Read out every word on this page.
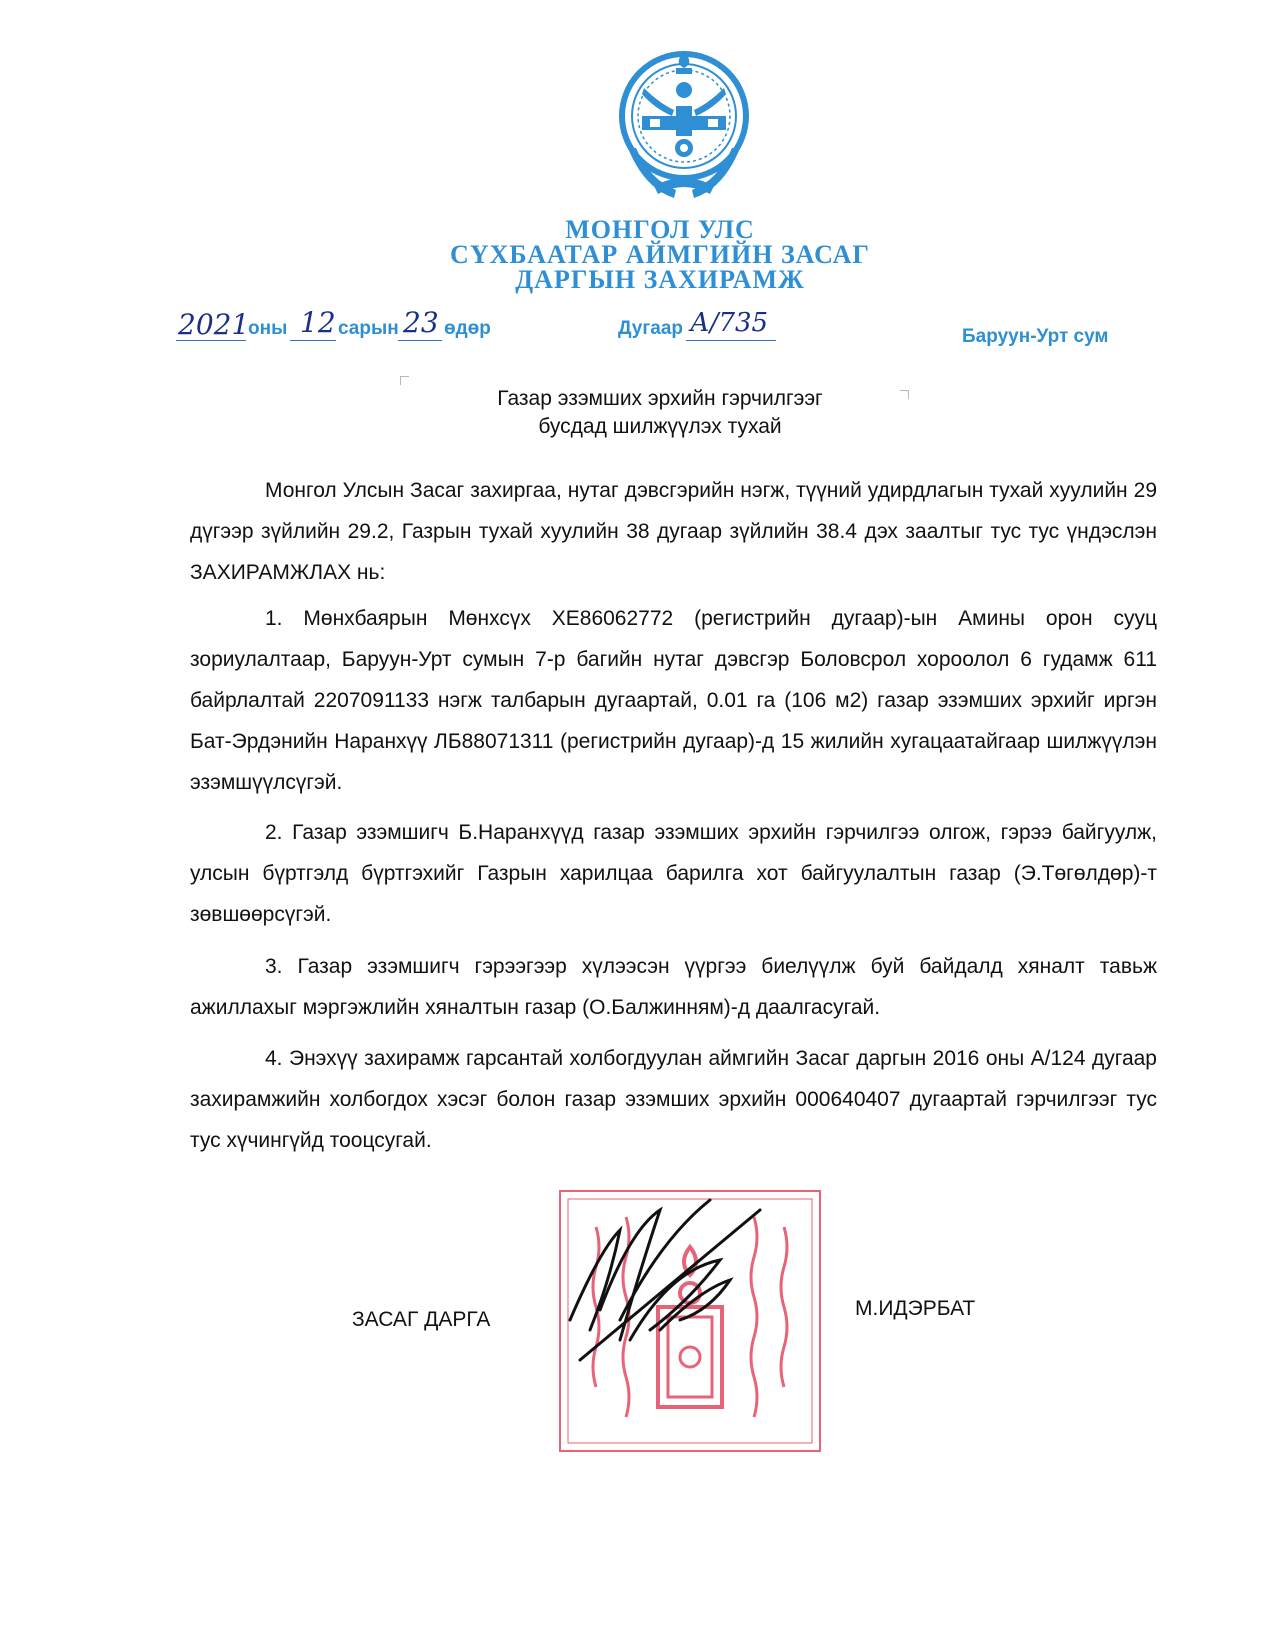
МОНГОЛ УЛС
СҮХБААТАР АЙМГИЙН ЗАСАГ
ДАРГЫН ЗАХИРАМЖ
2021
оны 12 сарын 23 өдөр	Дугаар А/735	Баруун-Урт сум
Газар эзэмших эрхийн гэрчилгээг
бусдад шилжүүлэх тухай

Монгол Улсын Засаг захиргаа, нутаг дэвсгэрийн нэгж, түүний удирдлагын тухай хуулийн 29 дүгээр зүйлийн 29.2, Газрын тухай хуулийн 38 дугаар зүйлийн 38.4 дэх заалтыг тус тус үндэслэн ЗАХИРАМЖЛАХ нь:

1. Мөнхбаярын Мөнхсүх ХЕ86062772 (регистрийн дугаар)-ын Амины орон сууц зориулалтаар, Баруун-Урт сумын 7-р багийн нутаг дэвсгэр Боловсрол хороолол 6 гудамж 611 байрлалтай 2207091133 нэгж талбарын дугаартай, 0.01 га (106 м2) газар эзэмших эрхийг иргэн Бат-Эрдэнийн Наранхүү ЛБ88071311 (регистрийн дугаар)-д 15 жилийн хугацаатайгаар шилжүүлэн эзэмшүүлсүгэй.

2. Газар эзэмшигч Б.Наранхүүд газар эзэмших эрхийн гэрчилгээ олгож, гэрээ байгуулж, улсын бүртгэлд бүртгэхийг Газрын харилцаа барилга хот байгуулалтын газар (Э.Төгөлдөр)-т зөвшөөрсүгэй.

3. Газар эзэмшигч гэрээгээр хүлээсэн үүргээ биелүүлж буй байдалд хяналт тавьж ажиллахыг мэргэжлийн хяналтын газар (О.Балжинням)-д даалгасугай.

4. Энэхүү захирамж гарсантай холбогдуулан аймгийн Засаг даргын 2016 оны А/124 дугаар захирамжийн холбогдох хэсэг болон газар эзэмших эрхийн 000640407 дугаартай гэрчилгээг тус тус хүчингүйд тооцсугай.

ЗАСАГ ДАРГА	М.ИДЭРБАТ
